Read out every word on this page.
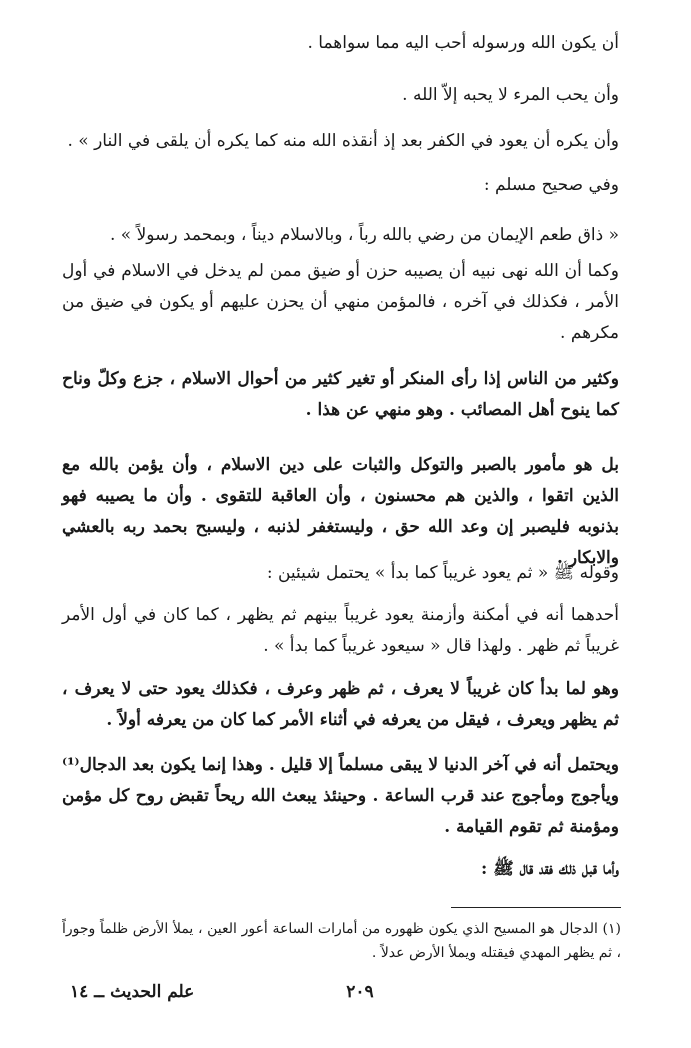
أن يكون الله ورسوله أحب اليه مما سواهما .

وأن يحب المرء لا يحبه إلاّ الله .

وأن يكره أن يعود في الكفر بعد إذ أنقذه الله منه كما يكره أن يلقى في النار » .

وفي صحيح مسلم :

« ذاق طعم الإيمان من رضي بالله رباً ، وبالاسلام ديناً ، وبمحمد رسولاً » .

وكما أن الله نهى نبيه أن يصيبه حزن أو ضيق ممن لم يدخل في الاسلام في أول الأمر ، فكذلك في آخره ، فالمؤمن منهي أن يحزن عليهم أو يكون في ضيق من مكرهم .

وكثير من الناس إذا رأى المنكر أو تغير كثير من أحوال الاسلام ، جزع وكلّ وناح كما ينوح أهل المصائب . وهو منهي عن هذا .

بل هو مأمور بالصبر والتوكل والثبات على دين الاسلام ، وأن يؤمن بالله مع الذين اتقوا ، والذين هم محسنون ، وأن العاقبة للتقوى . وأن ما يصيبه فهو بذنوبه فليصبر إن وعد الله حق ، وليستغفر لذنبه ، وليسبح بحمد ربه بالعشي والابكار .

وقوله ﷺ « ثم يعود غريباً كما بدأ » يحتمل شيئين :

أحدهما أنه في أمكنة وأزمنة يعود غريباً بينهم ثم يظهر ، كما كان في أول الأمر غريباً ثم ظهر . ولهذا قال « سيعود غريباً كما بدأ » .

وهو لما بدأ كان غريباً لا يعرف ، ثم ظهر وعرف ، فكذلك يعود حتى لا يعرف ، ثم يظهر ويعرف ، فيقل من يعرفه في أثناء الأمر كما كان من يعرفه أولاً .

ويحتمل أنه في آخر الدنيا لا يبقى مسلماً إلا قليل . وهذا إنما يكون بعد الدجال⁽¹⁾ ويأجوج ومأجوج عند قرب الساعة . وحينئذ يبعث الله ريحاً تقبض روح كل مؤمن ومؤمنة ثم تقوم القيامة .

وأما قبل ذلك فقد قال ﷺ :

(١) الدجال هو المسيح الذي يكون ظهوره من أمارات الساعة أعور العين ، يملأ الأرض ظلماً وجوراً ، ثم يظهر المهدي فيقتله ويملأ الأرض عدلاً .

٢٠٩
علم الحديث ــ ١٤
